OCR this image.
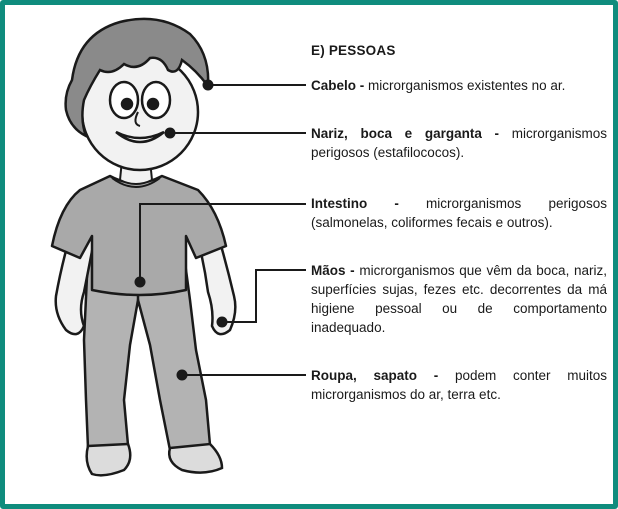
E) PESSOAS
Cabelo - microrganismos existentes no ar.
Nariz, boca e garganta - microrganismos perigosos (estafilococos).
Intestino - microrganismos perigosos (salmonelas, coliformes fecais e outros).
Mãos - microrganismos que vêm da boca, nariz, superfícies sujas, fezes etc. decorrentes da má higiene pessoal ou de comportamento inadequado.
Roupa, sapato - podem conter muitos microrganismos do ar, terra etc.
